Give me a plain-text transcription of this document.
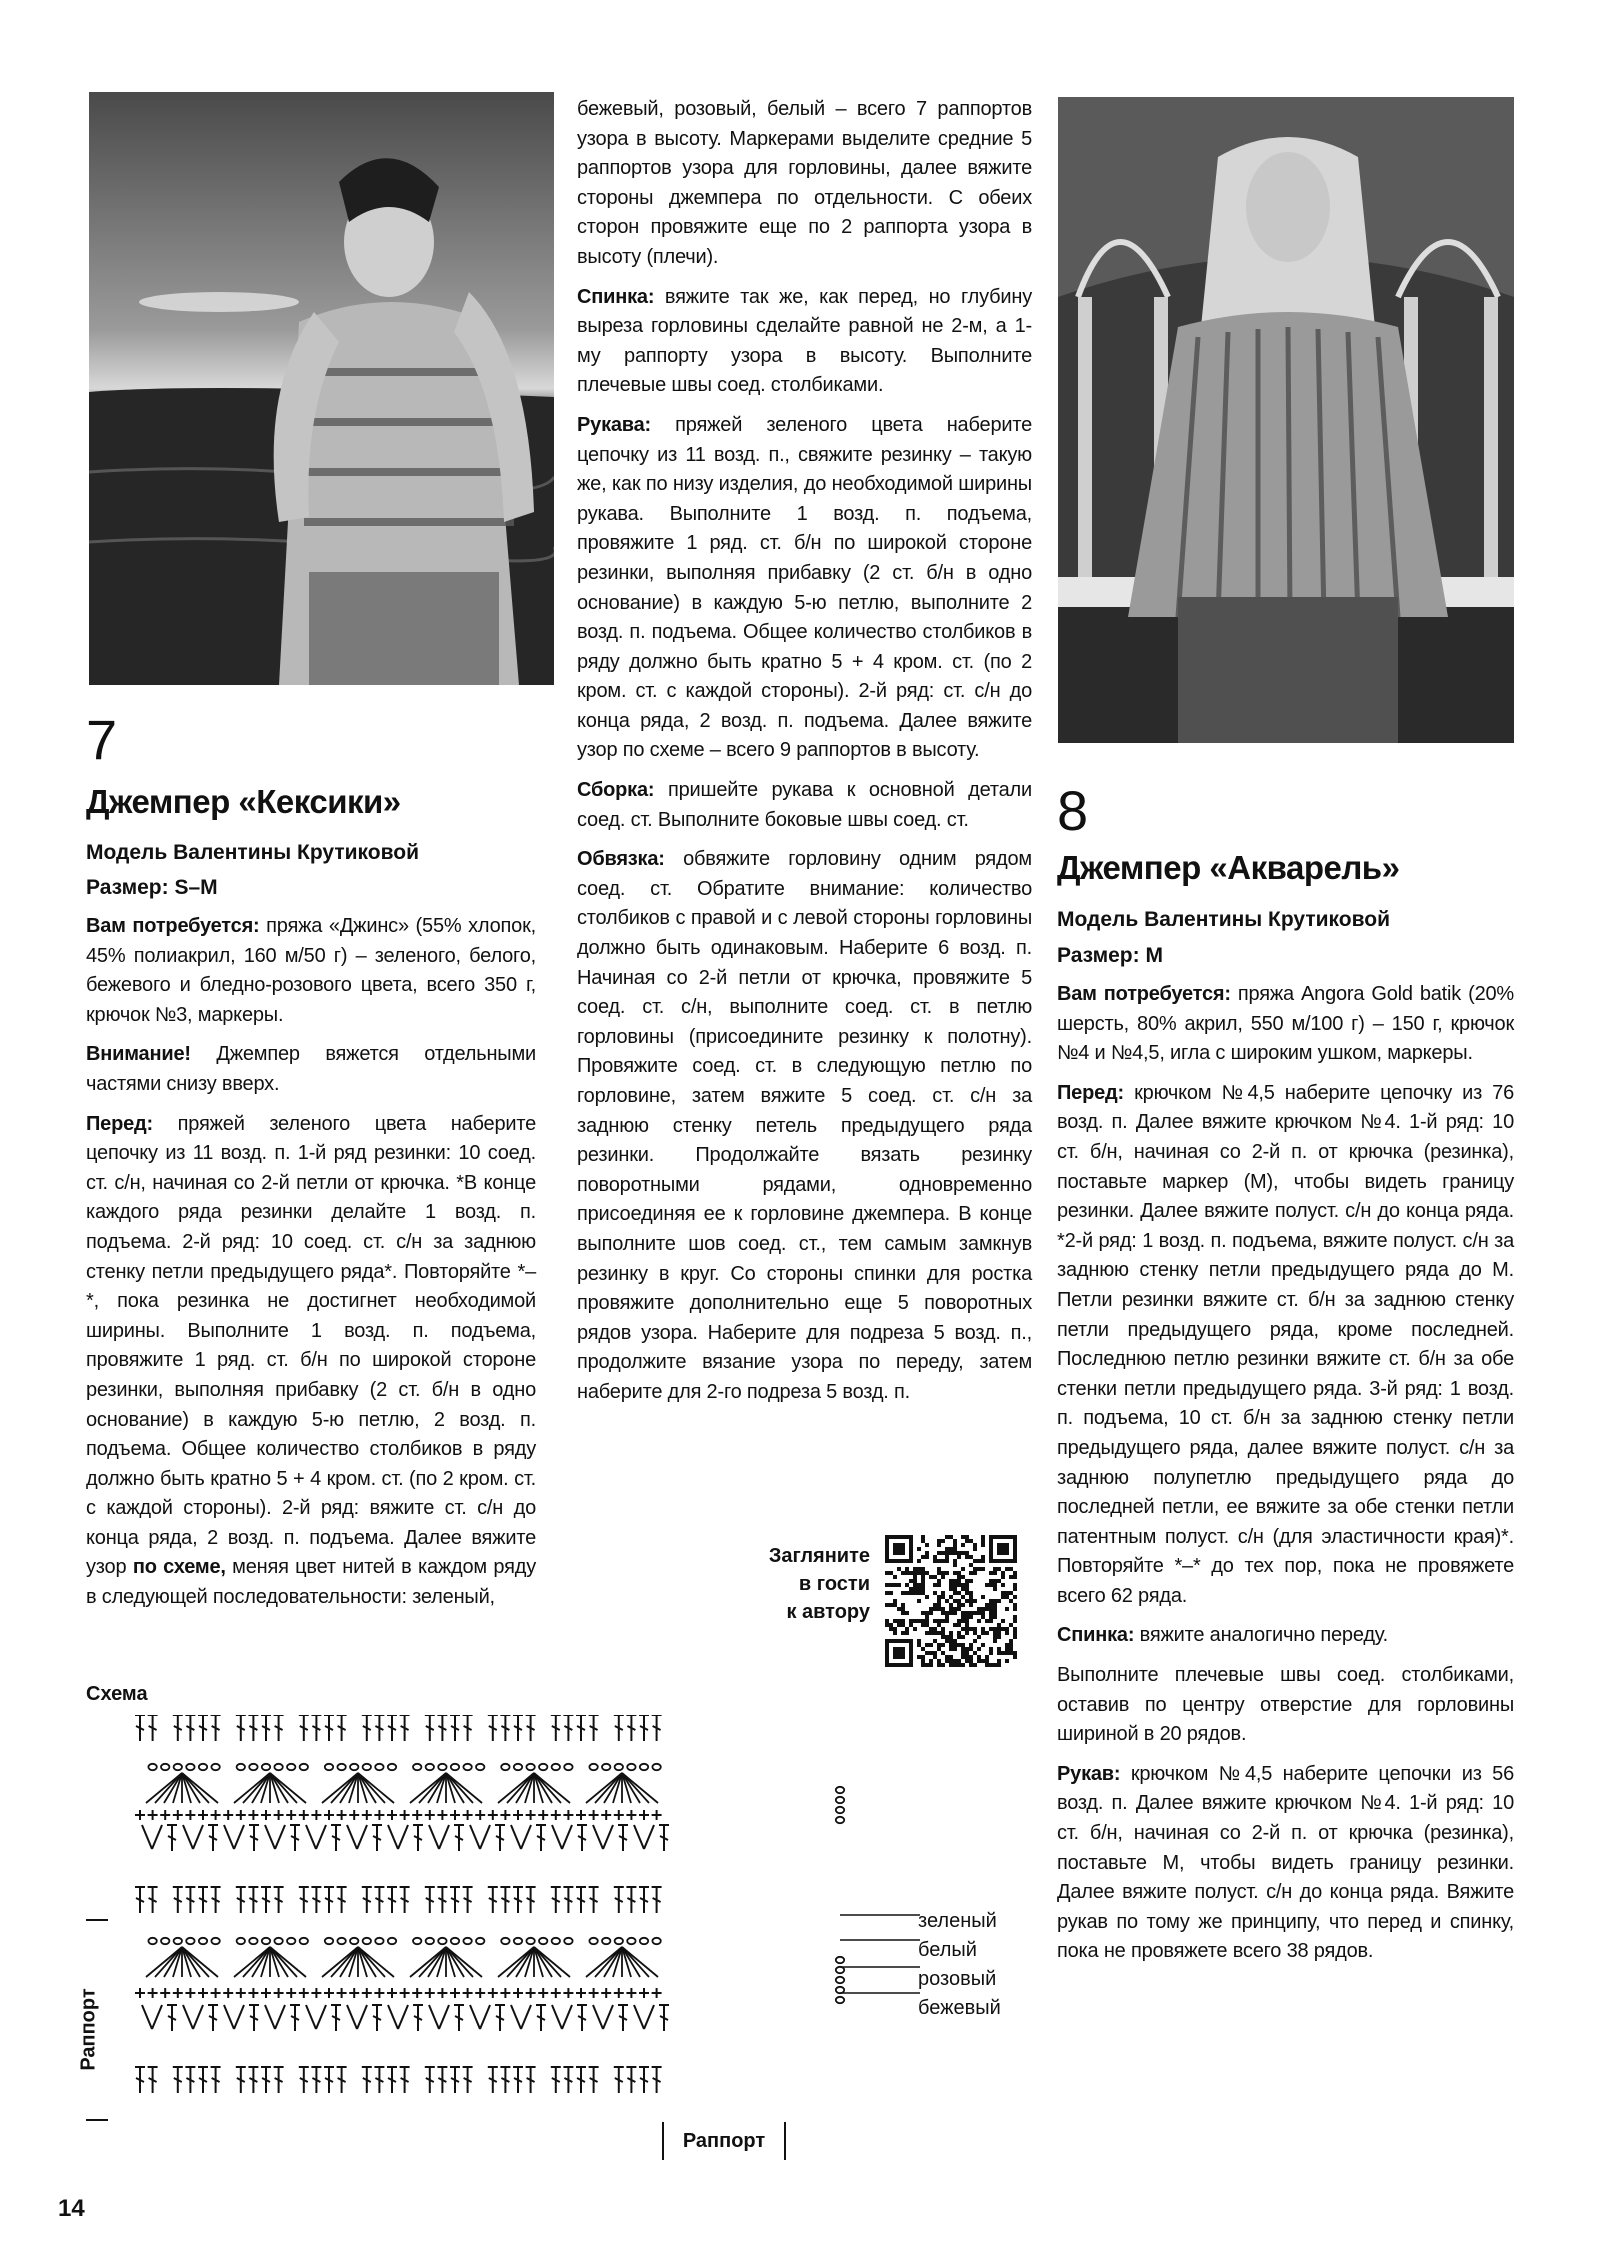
7
Джемпер «Кексики»
Модель Валентины Крутиковой
Размер: S–M

Вам потребуется: пряжа «Джинс» (55% хлопок, 45% полиакрил, 160 м/50 г) – зеленого, белого, бежевого и бледно-розового цвета, всего 350 г, крючок №3, маркеры.

Внимание! Джемпер вяжется отдельными частями снизу вверх.

Перед: пряжей зеленого цвета наберите цепочку из 11 возд. п. 1-й ряд резинки: 10 соед. ст. с/н, начиная со 2-й петли от крючка. *В конце каждого ряда резинки делайте 1 возд. п. подъема. 2-й ряд: 10 соед. ст. с/н за заднюю стенку петли предыдущего ряда*. Повторяйте *–*, пока резинка не достигнет необходимой ширины. Выполните 1 возд. п. подъема, провяжите 1 ряд. ст. б/н по широкой стороне резинки, выполняя прибавку (2 ст. б/н в одно основание) в каждую 5-ю петлю, 2 возд. п. подъема. Общее количество столбиков в ряду должно быть кратно 5 + 4 кром. ст. (по 2 кром. ст. с каждой стороны). 2-й ряд: вяжите ст. с/н до конца ряда, 2 возд. п. подъема. Далее вяжите узор по схеме, меняя цвет нитей в каждом ряду в следующей последовательности: зеленый,

бежевый, розовый, белый – всего 7 раппортов узора в высоту. Маркерами выделите средние 5 раппортов узора для горловины, далее вяжите стороны джемпера по отдельности. С обеих сторон провяжите еще по 2 раппорта узора в высоту (плечи).

Спинка: вяжите так же, как перед, но глубину выреза горловины сделайте равной не 2-м, а 1-му раппорту узора в высоту. Выполните плечевые швы соед. столбиками.

Рукава: пряжей зеленого цвета наберите цепочку из 11 возд. п., свяжите резинку – такую же, как по низу изделия, до необходимой ширины рукава. Выполните 1 возд. п. подъема, провяжите 1 ряд. ст. б/н по широкой стороне резинки, выполняя прибавку (2 ст. б/н в одно основание) в каждую 5-ю петлю, выполните 2 возд. п. подъема. Общее количество столбиков в ряду должно быть кратно 5 + 4 кром. ст. (по 2 кром. ст. с каждой стороны). 2-й ряд: ст. с/н до конца ряда, 2 возд. п. подъема. Далее вяжите узор по схеме – всего 9 раппортов в высоту.

Сборка: пришейте рукава к основной детали соед. ст. Выполните боковые швы соед. ст.

Обвязка: обвяжите горловину одним рядом соед. ст. Обратите внимание: количество столбиков с правой и с левой стороны горловины должно быть одинаковым. Наберите 6 возд. п. Начиная со 2-й петли от крючка, провяжите 5 соед. ст. с/н, выполните соед. ст. в петлю горловины (присоедините резинку к полотну). Провяжите соед. ст. в следующую петлю по горловине, затем вяжите 5 соед. ст. с/н за заднюю стенку петель предыдущего ряда резинки. Продолжайте вязать резинку поворотными рядами, одновременно присоединяя ее к горловине джемпера. В конце выполните шов соед. ст., тем самым замкнув резинку в круг. Со стороны спинки для ростка провяжите дополнительно еще 5 поворотных рядов узора. Наберите для подреза 5 возд. п., продолжите вязание узора по переду, затем наберите для 2-го подреза 5 возд. п.

Загляните
в гости
к автору
8
Джемпер «Акварель»
Модель Валентины Крутиковой
Размер: M

Вам потребуется: пряжа Angora Gold batik (20% шерсть, 80% акрил, 550 м/100 г) – 150 г, крючок №4 и №4,5, игла с широким ушком, маркеры.

Перед: крючком №4,5 наберите цепочку из 76 возд. п. Далее вяжите крючком №4. 1-й ряд: 10 ст. б/н, начиная со 2-й п. от крючка (резинка), поставьте маркер (М), чтобы видеть границу резинки. Далее вяжите полуст. с/н до конца ряда. *2-й ряд: 1 возд. п. подъема, вяжите полуст. с/н за заднюю стенку петли предыдущего ряда до М. Петли резинки вяжите ст. б/н за заднюю стенку петли предыдущего ряда, кроме последней. Последнюю петлю резинки вяжите ст. б/н за обе стенки петли предыдущего ряда. 3-й ряд: 1 возд. п. подъема, 10 ст. б/н за заднюю стенку петли предыдущего ряда, далее вяжите полуст. с/н за заднюю полупетлю предыдущего ряда до последней петли, ее вяжите за обе стенки петли патентным полуст. с/н (для эластичности края)*. Повторяйте *–* до тех пор, пока не провяжете всего 62 ряда.

Спинка: вяжите аналогично переду.

Выполните плечевые швы соед. столбиками, оставив по центру отверстие для горловины шириной в 20 рядов.

Рукав: крючком №4,5 наберите цепочки из 56 возд. п. Далее вяжите крючком №4. 1-й ряд: 10 ст. б/н, начиная со 2-й п. от крючка (резинка), поставьте М, чтобы видеть границу резинки. Далее вяжите полуст. с/н до конца ряда. Вяжите рукав по тому же принципу, что перед и спинку, пока не провяжете всего 38 рядов.

Схема
Раппорт
Раппорт
зеленый
белый
розовый
бежевый
14
